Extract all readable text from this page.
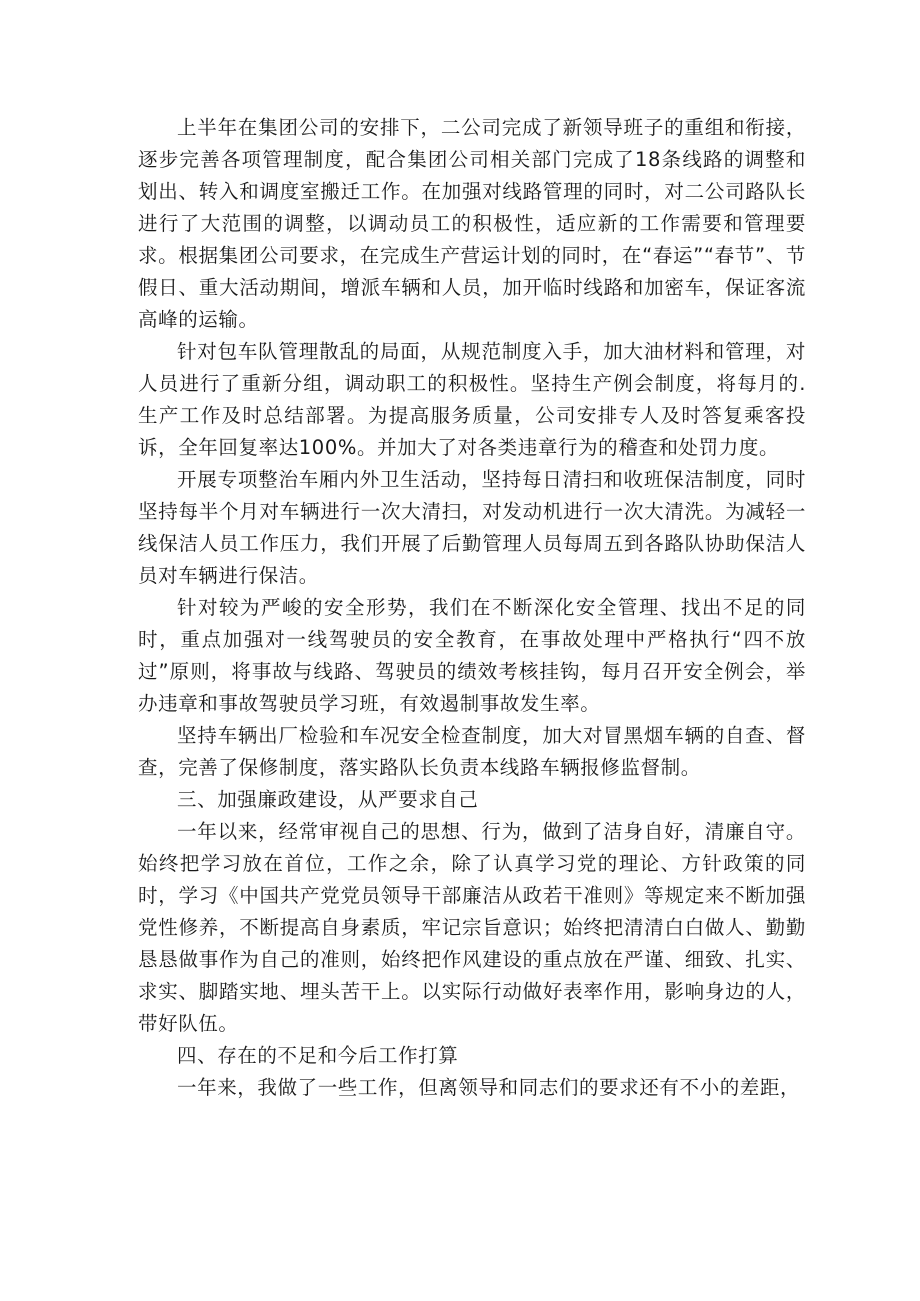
上半年在集团公司的安排下，二公司完成了新领导班子的重组和衔接，逐步完善各项管理制度，配合集团公司相关部门完成了18条线路的调整和划出、转入和调度室搬迁工作。在加强对线路管理的同时，对二公司路队长进行了大范围的调整，以调动员工的积极性，适应新的工作需要和管理要求。根据集团公司要求，在完成生产营运计划的同时，在“春运”“春节”、节假日、重大活动期间，增派车辆和人员，加开临时线路和加密车，保证客流高峰的运输。

针对包车队管理散乱的局面，从规范制度入手，加大油材料和管理，对人员进行了重新分组，调动职工的积极性。坚持生产例会制度，将每月的.生产工作及时总结部署。为提高服务质量，公司安排专人及时答复乘客投诉，全年回复率达100%。并加大了对各类违章行为的稽查和处罚力度。

开展专项整治车厢内外卫生活动，坚持每日清扫和收班保洁制度，同时坚持每半个月对车辆进行一次大清扫，对发动机进行一次大清洗。为减轻一线保洁人员工作压力，我们开展了后勤管理人员每周五到各路队协助保洁人员对车辆进行保洁。

针对较为严峻的安全形势，我们在不断深化安全管理、找出不足的同时，重点加强对一线驾驶员的安全教育，在事故处理中严格执行“四不放过”原则，将事故与线路、驾驶员的绩效考核挂钩，每月召开安全例会，举办违章和事故驾驶员学习班，有效遏制事故发生率。

坚持车辆出厂检验和车况安全检查制度，加大对冒黑烟车辆的自查、督查，完善了保修制度，落实路队长负责本线路车辆报修监督制。

三、加强廉政建设，从严要求自己

一年以来，经常审视自己的思想、行为，做到了洁身自好，清廉自守。始终把学习放在首位，工作之余，除了认真学习党的理论、方针政策的同时，学习《中国共产党党员领导干部廉洁从政若干准则》等规定来不断加强党性修养，不断提高自身素质，牢记宗旨意识；始终把清清白白做人、勤勤恳恳做事作为自己的准则，始终把作风建设的重点放在严谨、细致、扎实、求实、脚踏实地、埋头苦干上。以实际行动做好表率作用，影响身边的人，带好队伍。

四、存在的不足和今后工作打算

一年来，我做了一些工作，但离领导和同志们的要求还有不小的差距，
